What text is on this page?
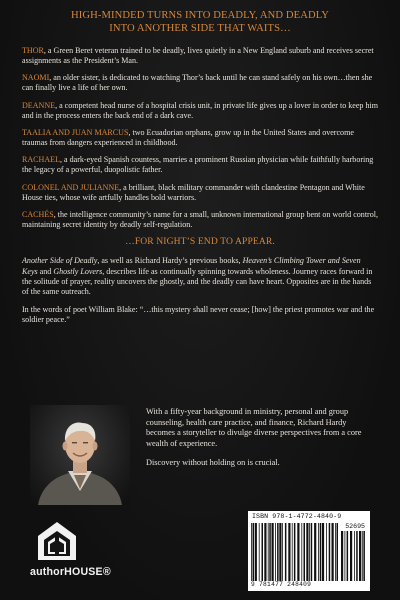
HIGH-MINDED TURNS INTO DEADLY, AND DEADLY
INTO ANOTHER SIDE THAT WAITS…

THOR, a Green Beret veteran trained to be deadly, lives quietly in a New England suburb and receives secret assignments as the President’s Man.

NAOMI, an older sister, is dedicated to watching Thor’s back until he can stand safely on his own…then she can finally live a life of her own.

DEANNE, a competent head nurse of a hospital crisis unit, in private life gives up a lover in order to keep him and in the process enters the back end of a dark cave.

TAALIA AND JUAN MARCUS, two Ecuadorian orphans, grow up in the United States and overcome traumas from dangers experienced in childhood.

RACHAEL, a dark-eyed Spanish countess, marries a prominent Russian physician while faithfully harboring the legacy of a powerful, duopolistic father.

COLONEL AND JULIANNE, a brilliant, black military commander with clandestine Pentagon and White House ties, whose wife artfully handles bold warriors.

CACHÉS, the intelligence community’s name for a small, unknown international group bent on world control, maintaining secret identity by deadly self-regulation.

…FOR NIGHT’S END TO APPEAR.
Another Side of Deadly, as well as Richard Hardy’s previous books, Heaven’s Climbing Tower and Seven Keys and Ghostly Lovers, describes life as continually spinning towards wholeness. Journey races forward in the solitude of prayer, reality uncovers the ghostly, and the deadly can have heart. Opposites are in the hands of the same outreach.
In the words of poet William Blake: “…this mystery shall never cease; [how] the priest promotes war and the soldier peace.”

With a fifty-year background in ministry, personal and group counseling, health care practice, and finance, Richard Hardy becomes a storyteller to divulge diverse perspectives from a core wealth of experience.

Discovery without holding on is crucial.

authorHOUSE®
ISBN 978-1-4772-4840-9
52695
9 781477 248409
